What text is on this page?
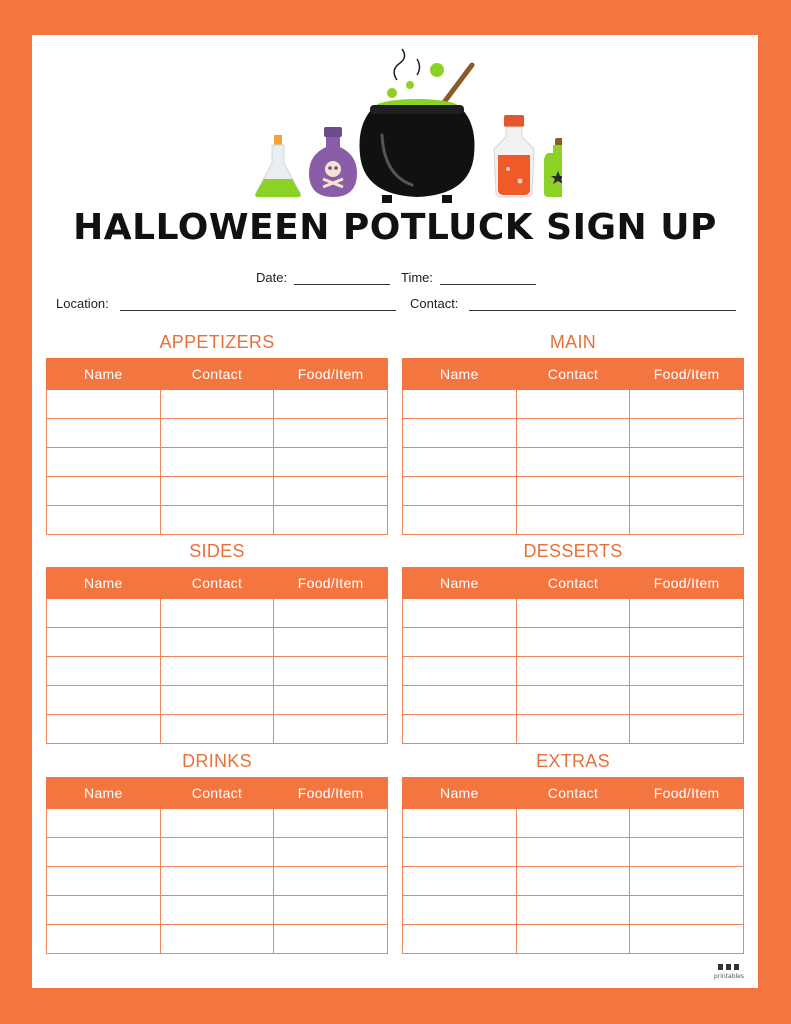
HALLOWEEN POTLUCK SIGN UP
Date:	Time:
Location:	Contact:
APPETIZERS
Name	Contact	Food/Item

MAIN
Name	Contact	Food/Item

SIDES
Name	Contact	Food/Item

DESSERTS
Name	Contact	Food/Item

DRINKS
Name	Contact	Food/Item

EXTRAS
Name	Contact	Food/Item

printables
